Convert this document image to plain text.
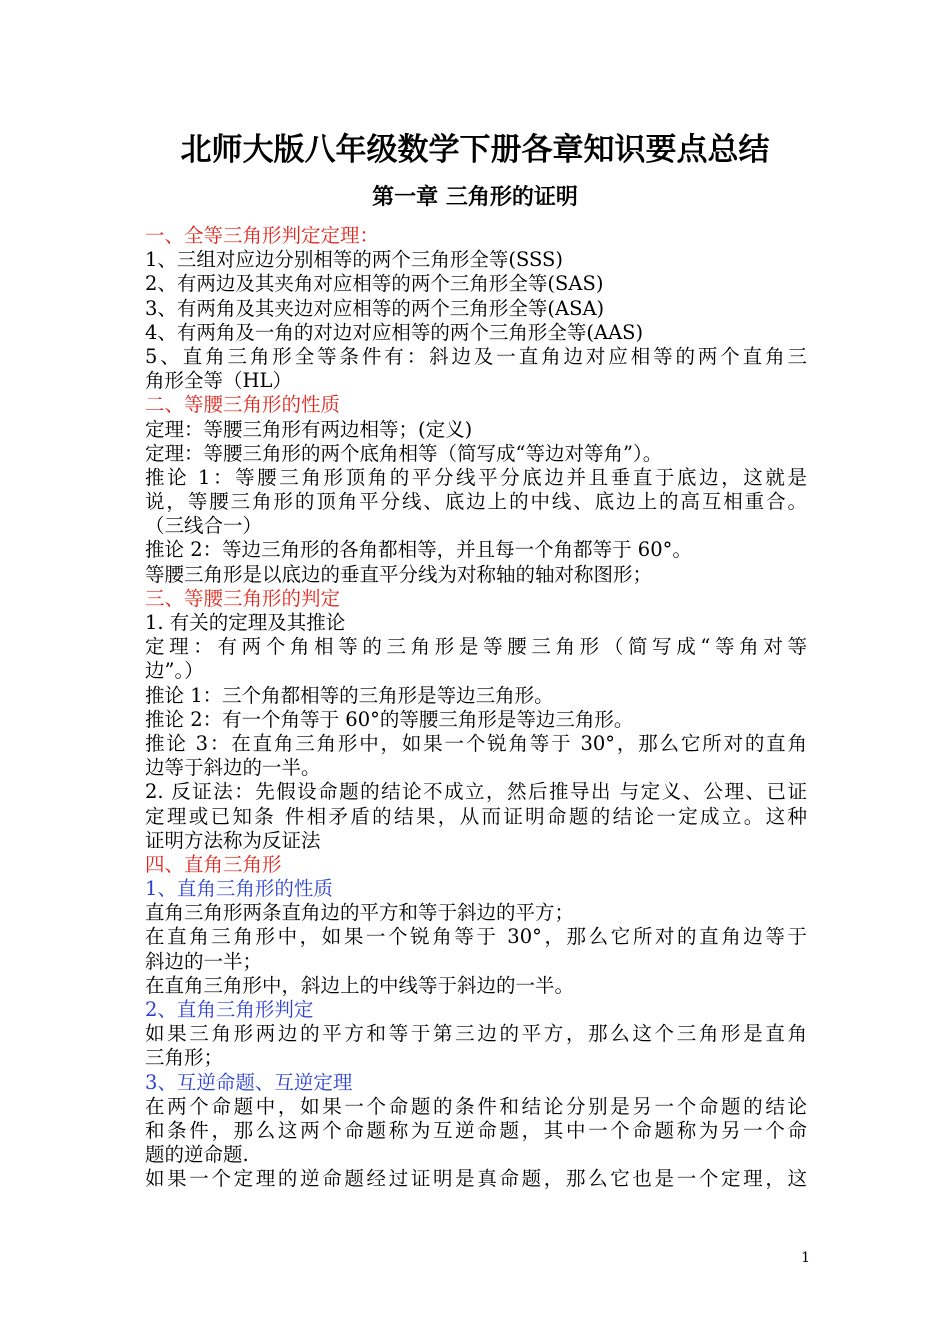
北师大版八年级数学下册各章知识要点总结
第一章 三角形的证明
一、全等三角形判定定理：
1、三组对应边分别相等的两个三角形全等(SSS)
2、有两边及其夹角对应相等的两个三角形全等(SAS)
3、有两角及其夹边对应相等的两个三角形全等(ASA)
4、有两角及一角的对边对应相等的两个三角形全等(AAS)
5、直角三角形全等条件有：斜边及一直角边对应相等的两个直角三
角形全等（HL）
二、等腰三角形的性质
定理：等腰三角形有两边相等；(定义)
定理：等腰三角形的两个底角相等（简写成“等边对等角”）。
推论 1：等腰三角形顶角的平分线平分底边并且垂直于底边，这就是
说，等腰三角形的顶角平分线、底边上的中线、底边上的高互相重合。
（三线合一）
推论 2：等边三角形的各角都相等，并且每一个角都等于 60°。
等腰三角形是以底边的垂直平分线为对称轴的轴对称图形；
三、等腰三角形的判定
1. 有关的定理及其推论
定理：有两个角相等的三角形是等腰三角形（简写成“等角对等
边”。）
推论 1：三个角都相等的三角形是等边三角形。
推论 2：有一个角等于 60°的等腰三角形是等边三角形。
推论 3：在直角三角形中，如果一个锐角等于 30°，那么它所对的直角
边等于斜边的一半。
2. 反证法：先假设命题的结论不成立，然后推导出 与定义、公理、已证
定理或已知条 件相矛盾的结果，从而证明命题的结论一定成立。这种
证明方法称为反证法
四、直角三角形
1、直角三角形的性质
直角三角形两条直角边的平方和等于斜边的平方；
在直角三角形中，如果一个锐角等于 30°，那么它所对的直角边等于
斜边的一半；
在直角三角形中，斜边上的中线等于斜边的一半。
2、直角三角形判定
如果三角形两边的平方和等于第三边的平方，那么这个三角形是直角
三角形；
3、互逆命题、互逆定理
在两个命题中，如果一个命题的条件和结论分别是另一个命题的结论
和条件，那么这两个命题称为互逆命题，其中一个命题称为另一个命
题的逆命题.
如果一个定理的逆命题经过证明是真命题，那么它也是一个定理，这
1
